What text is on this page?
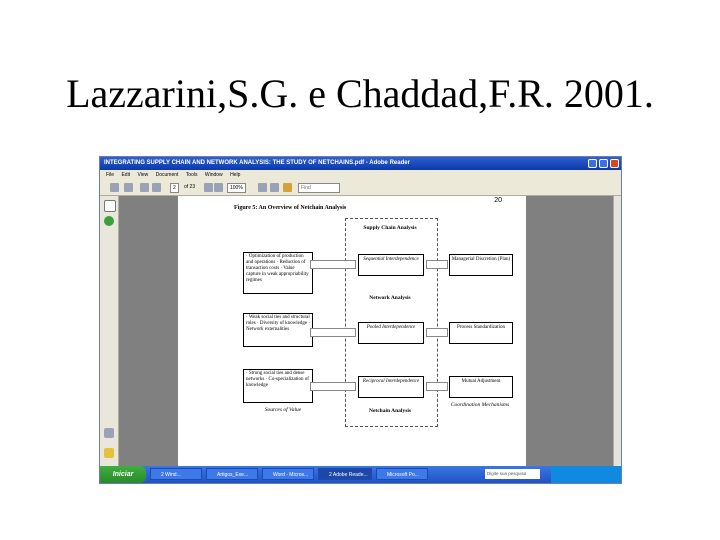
Lazzarini,S.G. e Chaddad,F.R. 2001.
INTEGRATING SUPPLY CHAIN AND NETWORK ANALYSIS: THE STUDY OF NETCHAINS.pdf - Adobe Reader
File Edit View Document Tools Window Help
2	of 23	100%	Find
20
Figure 5: An Overview of Netchain Analysis
Supply Chain Analysis
Network Analysis
Netchain Analysis
· Optimization of production and operations · Reduction of transaction costs · Value capture in weak appropriability regimes
· Weak social ties and structural roles · Diversity of knowledge · Network externalities
· Strong social ties and dense networks · Co-specialization of knowledge
Sequential Interdependence
Pooled Interdependence
Reciprocal Interdependence
Managerial Discretion (Plan)
Process Standardization
Mutual Adjustment
Sources of Value
Coordination Mechanisms
Iniciar	2 Wind...	Artigos_Exe...	Word - Micros...	2 Adobe Reade...	Microsoft Po...	Digite sua pesquisa
